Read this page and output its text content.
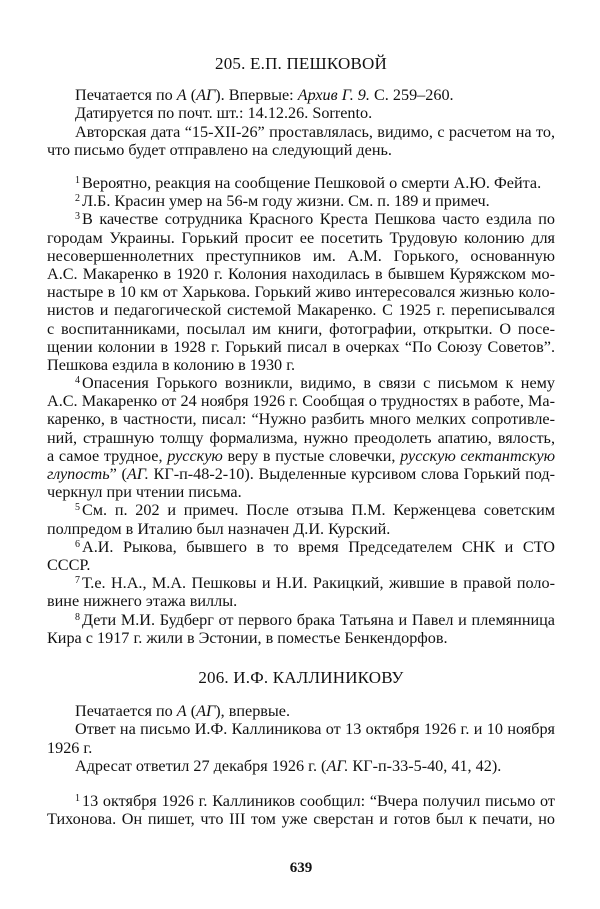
205. Е.П. ПЕШКОВОЙ
Печатается по А (АГ). Впервые: Архив Г. 9. С. 259–260.
Датируется по почт. шт.: 14.12.26. Sorrento.
Авторская дата “15-XII-26” проставлялась, видимо, с расчетом на то,
что письмо будет отправлено на следующий день.
$^1$ Вероятно, реакция на сообщение Пешковой о смерти А.Ю. Фейта.
$^2$ Л.Б. Красин умер на 56-м году жизни. См. п. 189 и примеч.
$^3$ В качестве сотрудника Красного Креста Пешкова часто ездила по
городам Украины. Горький просит ее посетить Трудовую колонию для
несовершеннолетних преступников им. А.М. Горького, основанную
А.С. Макаренко в 1920 г. Колония находилась в бывшем Куряжском мо-
настыре в 10 км от Харькова. Горький живо интересовался жизнью коло-
нистов и педагогической системой Макаренко. С 1925 г. переписывался
с воспитанниками, посылал им книги, фотографии, открытки. О посе-
щении колонии в 1928 г. Горький писал в очерках “По Союзу Советов”.
Пешкова ездила в колонию в 1930 г.
$^4$ Опасения Горького возникли, видимо, в связи с письмом к нему
А.С. Макаренко от 24 ноября 1926 г. Сообщая о трудностях в работе, Ма-
каренко, в частности, писал: “Нужно разбить много мелких сопротивле-
ний, страшную толщу формализма, нужно преодолеть апатию, вялость,
а самое трудное, русскую веру в пустые словечки, русскую сектантскую
глупость” (АГ. КГ-п-48-2-10). Выделенные курсивом слова Горький под-
черкнул при чтении письма.
$^5$ См. п. 202 и примеч. После отзыва П.М. Керженцева советским
полпредом в Италию был назначен Д.И. Курский.
$^6$ А.И. Рыкова, бывшего в то время Председателем СНК и СТО
СССР.
$^7$ Т.е. Н.А., М.А. Пешковы и Н.И. Ракицкий, жившие в правой поло-
вине нижнего этажа виллы.
$^8$ Дети М.И. Будберг от первого брака Татьяна и Павел и племянница
Кира с 1917 г. жили в Эстонии, в поместье Бенкендорфов.
206. И.Ф. КАЛЛИНИКОВУ
Печатается по А (АГ), впервые.
Ответ на письмо И.Ф. Каллиникова от 13 октября 1926 г. и 10 ноября
1926 г.
Адресат ответил 27 декабря 1926 г. (АГ. КГ-п-33-5-40, 41, 42).
$^1$ 13 октября 1926 г. Каллиников сообщил: “Вчера получил письмо от
Тихонова. Он пишет, что III том уже сверстан и готов был к печати, но
639
